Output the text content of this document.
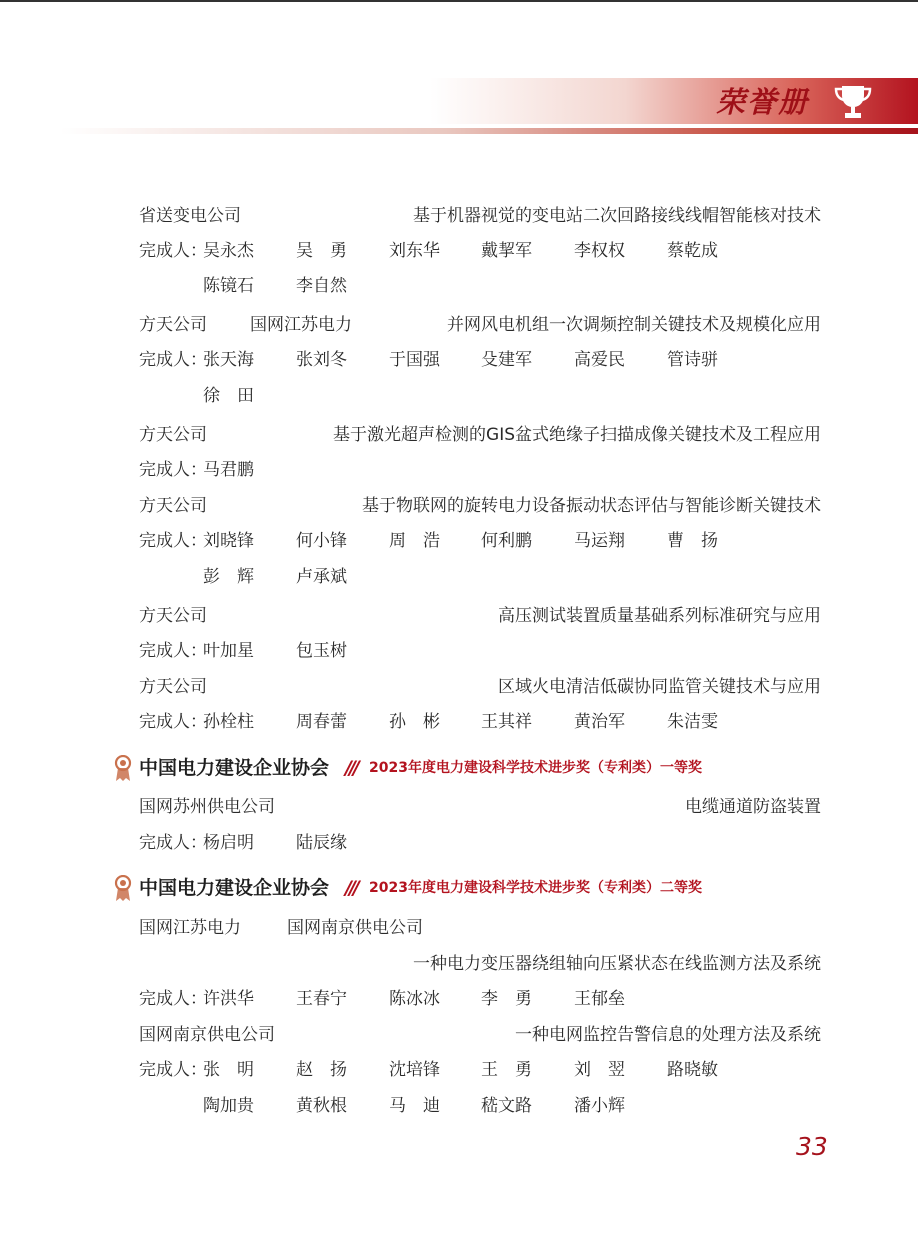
荣誉册
省送变电公司	基于机器视觉的变电站二次回路接线线帽智能核对技术
完成人：
吴永杰 吴　勇 刘东华 戴挈军 李权权 蔡乾成
陈镜石 李自然
方天公司	国网江苏电力	并网风电机组一次调频控制关键技术及规模化应用
完成人：
张天海 张刘冬 于国强 殳建军 高爱民 管诗骈
徐　田
方天公司	基于激光超声检测的GIS盆式绝缘子扫描成像关键技术及工程应用
完成人：
马君鹏
方天公司	基于物联网的旋转电力设备振动状态评估与智能诊断关键技术
完成人：
刘晓锋 何小锋 周　浩 何利鹏 马运翔 曹　扬
彭　辉 卢承斌
方天公司	高压测试装置质量基础系列标准研究与应用
完成人：
叶加星 包玉树
方天公司	区域火电清洁低碳协同监管关键技术与应用
完成人：
孙栓柱 周春蕾 孙　彬 王其祥 黄治军 朱洁雯
中国电力建设企业协会 /// 2023年度电力建设科学技术进步奖（专利类）一等奖
国网苏州供电公司	电缆通道防盗装置
完成人：
杨启明 陆辰缘
中国电力建设企业协会 /// 2023年度电力建设科学技术进步奖（专利类）二等奖
国网江苏电力	国网南京供电公司
一种电力变压器绕组轴向压紧状态在线监测方法及系统
完成人：
许洪华 王春宁 陈冰冰 李　勇 王郁垒
国网南京供电公司	一种电网监控告警信息的处理方法及系统
完成人：
张　明 赵　扬 沈培锋 王　勇 刘　翌 路晓敏
陶加贵 黄秋根 马　迪 嵇文路 潘小辉
33
